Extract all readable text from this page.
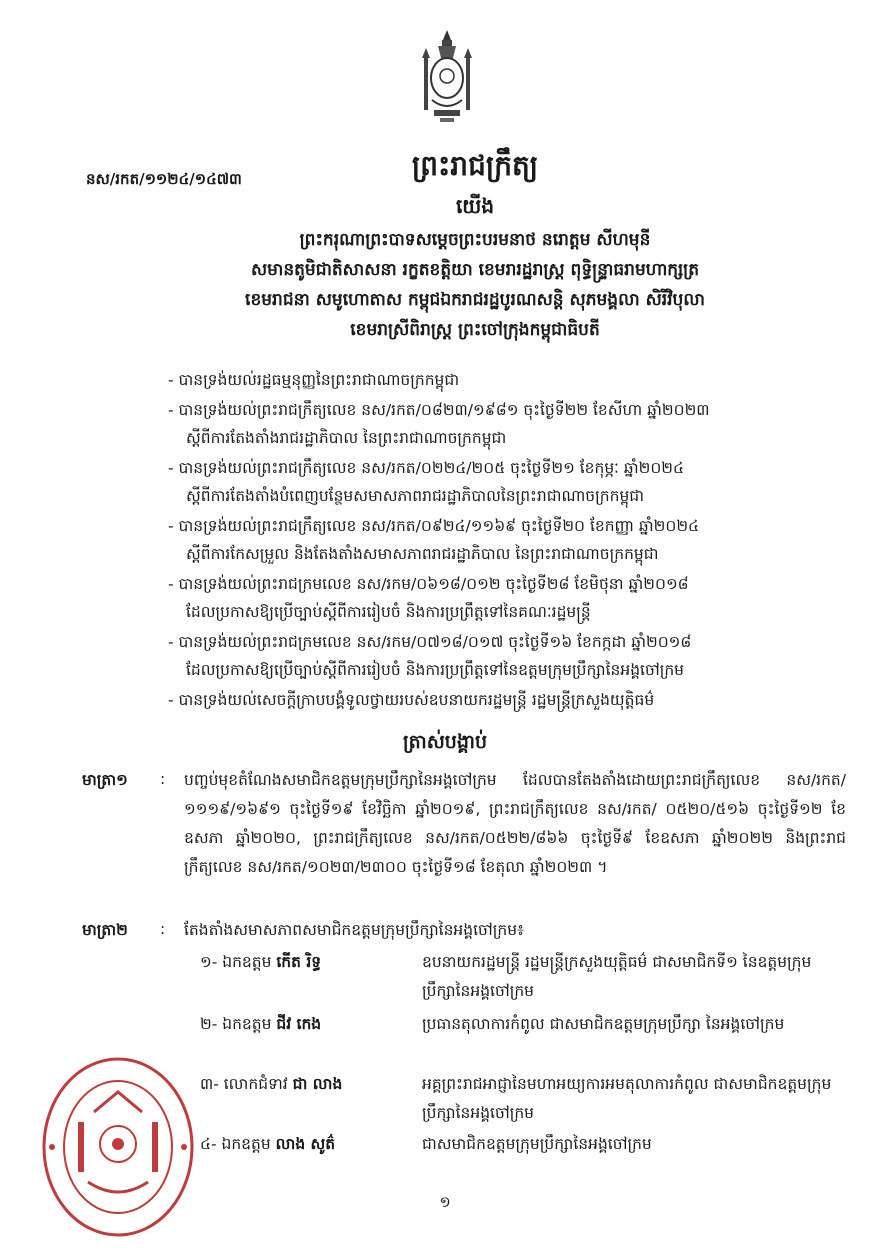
នស/រកត/១១២៤/១៤៧៣	ព្រះរាជក្រឹត្យ
យើង
ព្រះករុណាព្រះបាទសម្តេចព្រះបរមនាថ នរោត្តម សីហមុនី
សមានតូមិជាតិសាសនា រក្ខតខត្តិយា ខេមរារដ្ឋរាស្ត្រ ពុទ្ធិន្ទ្រាធរាមហាក្សត្រ
ខេមរាជនា សមូហោតាស កម្ពុជឯករាជរដ្ឋបូរណសន្តិ សុភមង្គលា សិរីវិបុលា
ខេមរាស្រីពិរាស្ត្រ ព្រះចៅក្រុងកម្ពុជាធិបតី
- បានទ្រង់យល់រដ្ឋធម្មនុញ្ញនៃព្រះរាជាណាចក្រកម្ពុជា
- បានទ្រង់យល់ព្រះរាជក្រឹត្យលេខ នស/រកត/០៨២៣/១៩៨១ ចុះថ្ងៃទី២២ ខែសីហា ឆ្នាំ២០២៣
ស្តីពីការតែងតាំងរាជរដ្ឋាភិបាល នៃព្រះរាជាណាចក្រកម្ពុជា
- បានទ្រង់យល់ព្រះរាជក្រឹត្យលេខ នស/រកត/០២២៤/២០៥ ចុះថ្ងៃទី២១ ខែកុម្ភៈ ឆ្នាំ២០២៤
ស្តីពីការតែងតាំងបំពេញបន្ថែមសមាសភាពរាជរដ្ឋាភិបាលនៃព្រះរាជាណាចក្រកម្ពុជា
- បានទ្រង់យល់ព្រះរាជក្រឹត្យលេខ នស/រកត/០៩២៤/១១៦៩ ចុះថ្ងៃទី២០ ខែកញ្ញា ឆ្នាំ២០២៤
ស្តីពីការកែសម្រួល និងតែងតាំងសមាសភាពរាជរដ្ឋាភិបាល នៃព្រះរាជាណាចក្រកម្ពុជា
- បានទ្រង់យល់ព្រះរាជក្រមលេខ នស/រកម/០៦១៨/០១២ ចុះថ្ងៃទី២៨ ខែមិថុនា ឆ្នាំ២០១៨
ដែលប្រកាសឱ្យប្រើច្បាប់ស្តីពីការរៀបចំ និងការប្រព្រឹត្តទៅនៃគណៈរដ្ឋមន្ត្រី
- បានទ្រង់យល់ព្រះរាជក្រមលេខ នស/រកម/០៧១៨/០១៧ ចុះថ្ងៃទី១៦ ខែកក្កដា ឆ្នាំ២០១៨
ដែលប្រកាសឱ្យប្រើច្បាប់ស្តីពីការរៀបចំ និងការប្រព្រឹត្តទៅនៃឧត្តមក្រុមប្រឹក្សានៃអង្គចៅក្រម
- បានទ្រង់យល់សេចក្តីក្រាបបង្គំទូលថ្វាយរបស់ឧបនាយករដ្ឋមន្ត្រី រដ្ឋមន្ត្រីក្រសួងយុត្តិធម៌
ត្រាស់បង្គាប់
មាត្រា១ : បញ្ចប់មុខតំណែងសមាជិកឧត្តមក្រុមប្រឹក្សានៃអង្គចៅក្រម ដែលបានតែងតាំងដោយព្រះរាជក្រឹត្យលេខ នស/រកត/១១១៩/១៦៩១ ចុះថ្ងៃទី១៩ ខែវិច្ឆិកា ឆ្នាំ២០១៩, ព្រះរាជក្រឹត្យលេខ នស/រកត/ ០៥២០/៥១៦ ចុះថ្ងៃទី១២ ខែឧសភា ឆ្នាំ២០២០, ព្រះរាជក្រឹត្យលេខ នស/រកត/០៥២២/៨៦៦ ចុះថ្ងៃទី៩ ខែឧសភា ឆ្នាំ២០២២ និងព្រះរាជក្រឹត្យលេខ នស/រកត/១០២៣/២៣០០ ចុះថ្ងៃទី១៨ ខែតុលា ឆ្នាំ២០២៣ ។
មាត្រា២ : តែងតាំងសមាសភាពសមាជិកឧត្តមក្រុមប្រឹក្សានៃអង្គចៅក្រម៖
១- ឯកឧត្តម កើត រិទ្ធ	ឧបនាយករដ្ឋមន្ត្រី រដ្ឋមន្ត្រីក្រសួងយុត្តិធម៌ ជាសមាជិកទី១ នៃឧត្តមក្រុមប្រឹក្សានៃអង្គចៅក្រម
២- ឯកឧត្តម ជីវ កេង	ប្រធានតុលាការកំពូល ជាសមាជិកឧត្តមក្រុមប្រឹក្សា នៃអង្គចៅក្រម
៣- លោកជំទាវ ជា លាង	អគ្គព្រះរាជអាជ្ញានៃមហាអយ្យការអមតុលាការកំពូល ជាសមាជិកឧត្តមក្រុមប្រឹក្សានៃអង្គចៅក្រម
៤- ឯកឧត្តម លាង សូត៌	ជាសមាជិកឧត្តមក្រុមប្រឹក្សានៃអង្គចៅក្រម
១
